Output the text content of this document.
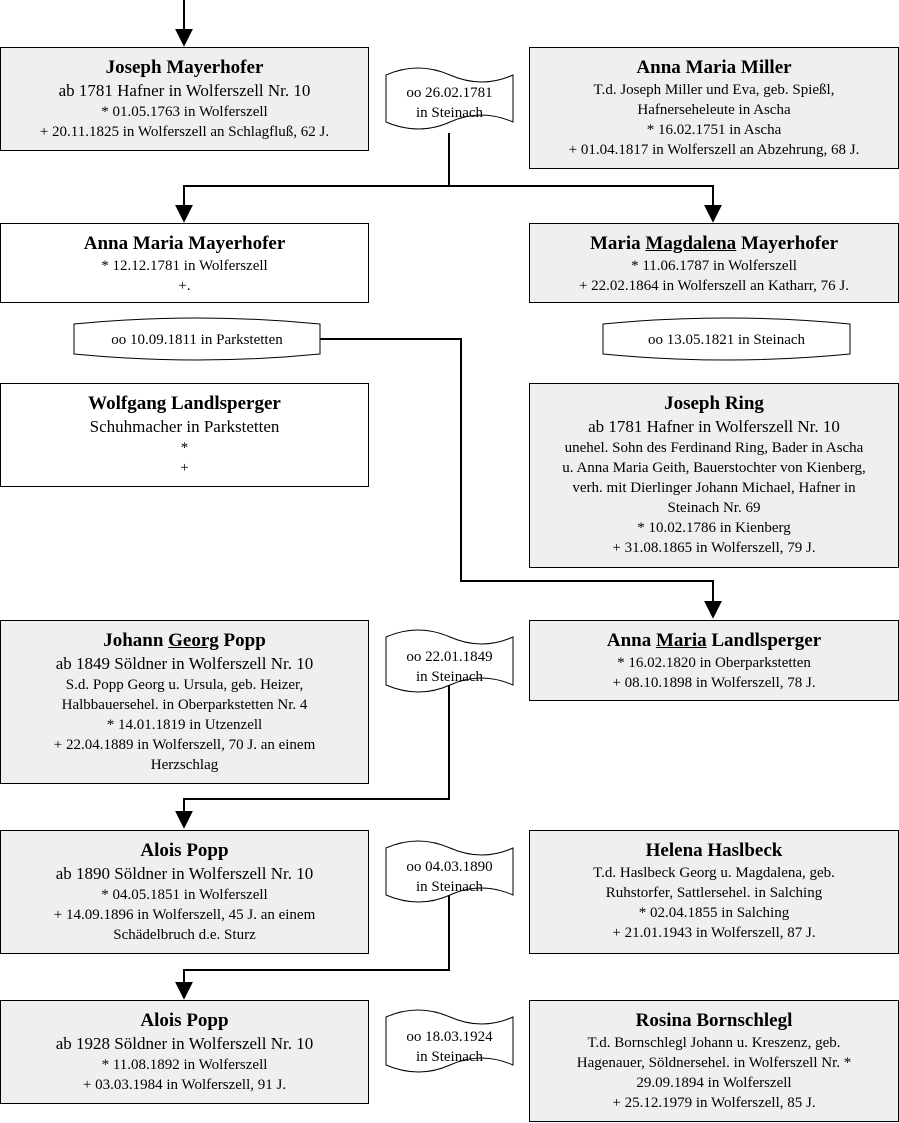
Joseph Mayerhofer
ab 1781 Hafner in Wolferszell Nr. 10
* 01.05.1763 in Wolferszell
+ 20.11.1825 in Wolferszell an Schlagfluß, 62 J.
Anna Maria Miller
T.d. Joseph Miller und Eva, geb. Spießl,
Hafnerseheleute in Ascha
* 16.02.1751 in Ascha
+ 01.04.1817 in Wolferszell an Abzehrung, 68 J.
Anna Maria Mayerhofer
* 12.12.1781 in Wolferszell
+.
Maria Magdalena Mayerhofer
* 11.06.1787 in Wolferszell
+ 22.02.1864 in Wolferszell an Katharr, 76 J.
Wolfgang Landlsperger
Schuhmacher in Parkstetten
*
+
Joseph Ring
ab 1781 Hafner in Wolferszell Nr. 10
unehel. Sohn des Ferdinand Ring, Bader in Ascha
u. Anna Maria Geith, Bauerstochter von Kienberg,
verh. mit Dierlinger Johann Michael, Hafner in
Steinach Nr. 69
* 10.02.1786 in Kienberg
+ 31.08.1865 in Wolferszell, 79 J.
Johann Georg Popp
ab 1849 Söldner in Wolferszell Nr. 10
S.d. Popp Georg u. Ursula, geb. Heizer,
Halbbauersehel. in Oberparkstetten Nr. 4
* 14.01.1819 in Utzenzell
+ 22.04.1889 in Wolferszell, 70 J. an einem
Herzschlag
Anna Maria Landlsperger
* 16.02.1820 in Oberparkstetten
+ 08.10.1898 in Wolferszell, 78 J.
Alois Popp
ab 1890 Söldner in Wolferszell Nr. 10
* 04.05.1851 in Wolferszell
+ 14.09.1896 in Wolferszell, 45 J. an einem
Schädelbruch d.e. Sturz
Helena Haslbeck
T.d. Haslbeck Georg u. Magdalena, geb.
Ruhstorfer, Sattlersehel. in Salching
* 02.04.1855 in Salching
+ 21.01.1943 in Wolferszell, 87 J.
Alois Popp
ab 1928 Söldner in Wolferszell Nr. 10
* 11.08.1892 in Wolferszell
+ 03.03.1984 in Wolferszell, 91 J.
Rosina Bornschlegl
T.d. Bornschlegl Johann u. Kreszenz, geb.
Hagenauer, Söldnersehel. in Wolferszell Nr. *
29.09.1894 in Wolferszell
+ 25.12.1979 in Wolferszell, 85 J.
oo 26.02.1781
in Steinach
oo 10.09.1811 in Parkstetten	oo 13.05.1821 in Steinach
oo 22.01.1849
in Steinach
oo 04.03.1890
in Steinach
oo 18.03.1924
in Steinach
